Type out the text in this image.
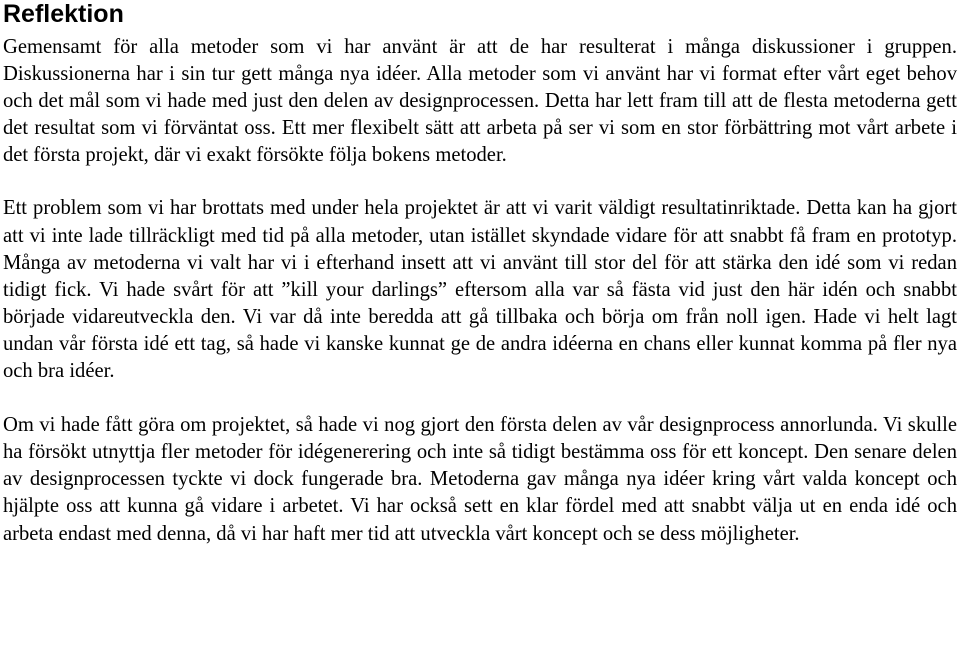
Reflektion

Gemensamt för alla metoder som vi har använt är att de har resulterat i många diskussioner i gruppen. Diskussionerna har i sin tur gett många nya idéer. Alla metoder som vi använt har vi format efter vårt eget behov och det mål som vi hade med just den delen av designprocessen. Detta har lett fram till att de flesta metoderna gett det resultat som vi förväntat oss. Ett mer flexibelt sätt att arbeta på ser vi som en stor förbättring mot vårt arbete i det första projekt, där vi exakt försökte följa bokens metoder.

Ett problem som vi har brottats med under hela projektet är att vi varit väldigt resultatinriktade. Detta kan ha gjort att vi inte lade tillräckligt med tid på alla metoder, utan istället skyndade vidare för att snabbt få fram en prototyp. Många av metoderna vi valt har vi i efterhand insett att vi använt till stor del för att stärka den idé som vi redan tidigt fick. Vi hade svårt för att ”kill your darlings” eftersom alla var så fästa vid just den här idén och snabbt började vidareutveckla den. Vi var då inte beredda att gå tillbaka och börja om från noll igen. Hade vi helt lagt undan vår första idé ett tag, så hade vi kanske kunnat ge de andra idéerna en chans eller kunnat komma på fler nya och bra idéer.

Om vi hade fått göra om projektet, så hade vi nog gjort den första delen av vår designprocess annorlunda. Vi skulle ha försökt utnyttja fler metoder för idégenerering och inte så tidigt bestämma oss för ett koncept. Den senare delen av designprocessen tyckte vi dock fungerade bra. Metoderna gav många nya idéer kring vårt valda koncept och hjälpte oss att kunna gå vidare i arbetet. Vi har också sett en klar fördel med att snabbt välja ut en enda idé och arbeta endast med denna, då vi har haft mer tid att utveckla vårt koncept och se dess möjligheter.
